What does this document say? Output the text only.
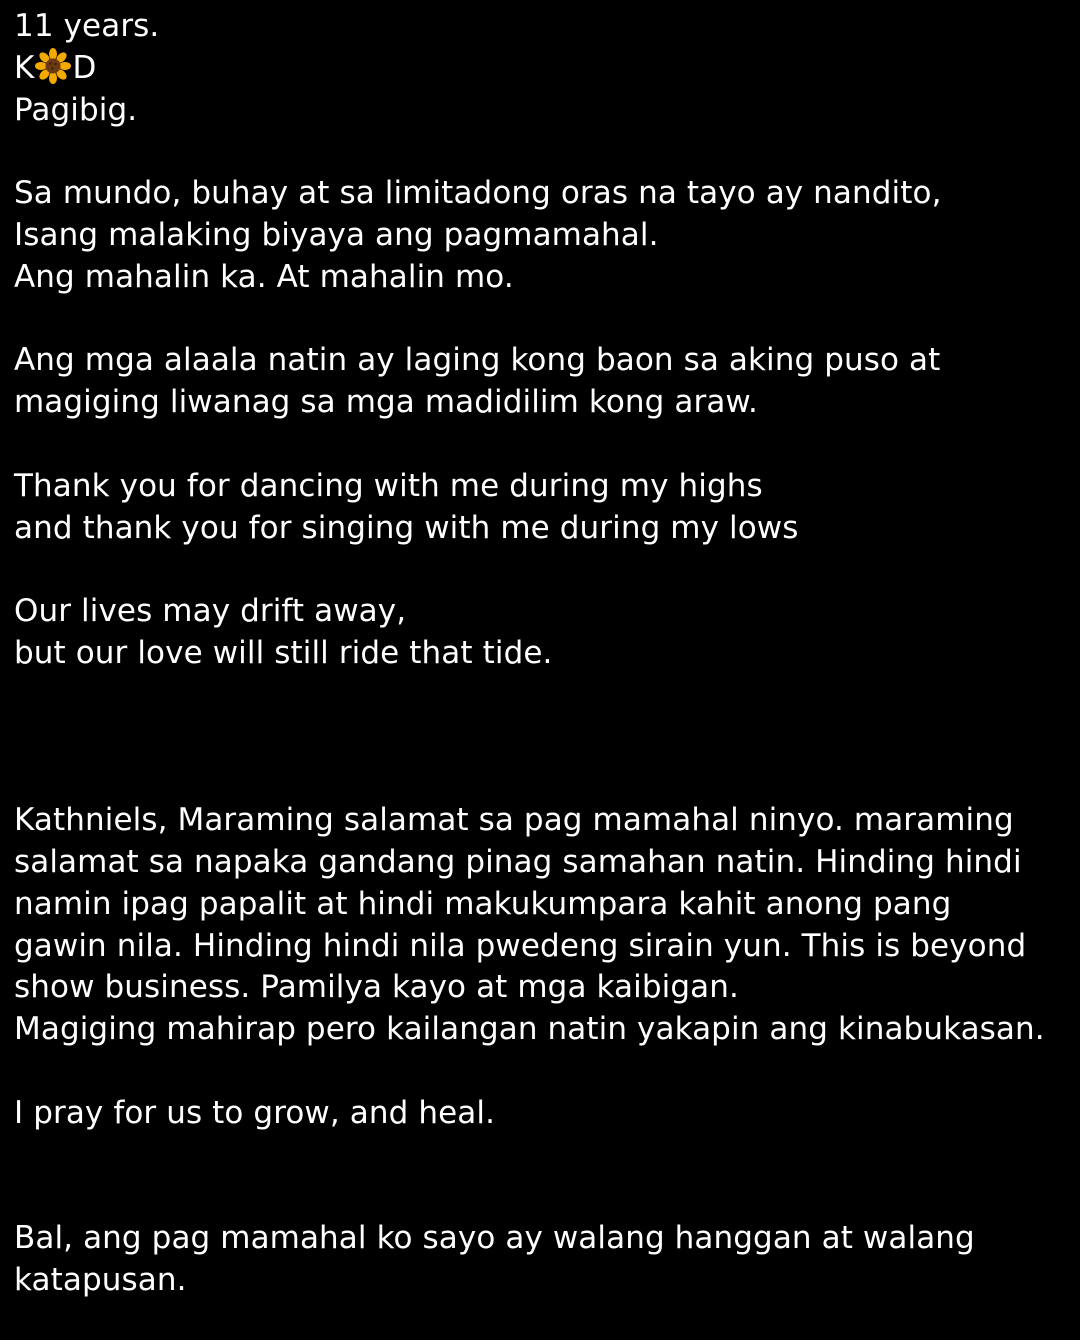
11 years.
K D
Pagibig.
Sa mundo, buhay at sa limitadong oras na tayo ay nandito,
Isang malaking biyaya ang pagmamahal.
Ang mahalin ka. At mahalin mo.
Ang mga alaala natin ay laging kong baon sa aking puso at
magiging liwanag sa mga madidilim kong araw.
Thank you for dancing with me during my highs
and thank you for singing with me during my lows
Our lives may drift away,
but our love will still ride that tide.
Kathniels, Maraming salamat sa pag mamahal ninyo. maraming
salamat sa napaka gandang pinag samahan natin. Hinding hindi
namin ipag papalit at hindi makukumpara kahit anong pang
gawin nila. Hinding hindi nila pwedeng sirain yun. This is beyond
show business. Pamilya kayo at mga kaibigan.
Magiging mahirap pero kailangan natin yakapin ang kinabukasan.
I pray for us to grow, and heal.
Bal, ang pag mamahal ko sayo ay walang hanggan at walang
katapusan.
